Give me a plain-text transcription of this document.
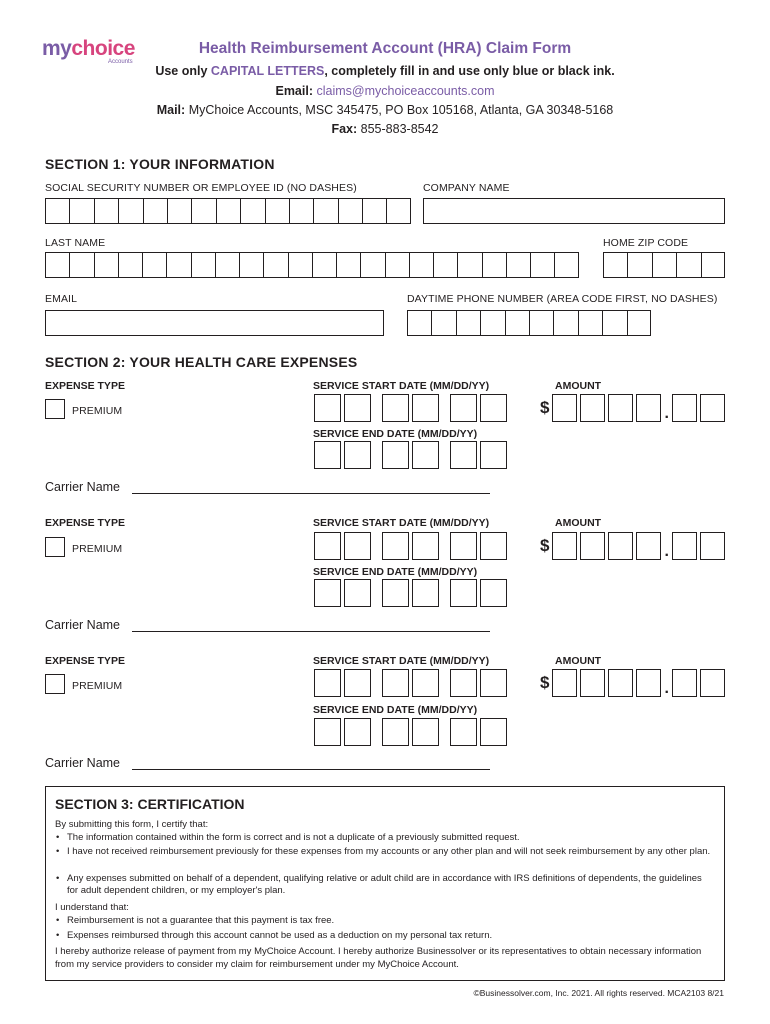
mychoice
Accounts
Health Reimbursement Account (HRA) Claim Form
Use only CAPITAL LETTERS, completely fill in and use only blue or black ink.
Email: claims@mychoiceaccounts.com
Mail: MyChoice Accounts, MSC 345475, PO Box 105168, Atlanta, GA 30348-5168
Fax: 855-883-8542
SECTION 1: YOUR INFORMATION
SOCIAL SECURITY NUMBER OR EMPLOYEE ID (NO DASHES)	COMPANY NAME
LAST NAME	HOME ZIP CODE
EMAIL	DAYTIME PHONE NUMBER (AREA CODE FIRST, NO DASHES)
SECTION 2: YOUR HEALTH CARE EXPENSES
EXPENSE TYPE	SERVICE START DATE (MM/DD/YY)	AMOUNT
PREMIUM	$	.
SERVICE END DATE (MM/DD/YY)
Carrier Name
EXPENSE TYPE	SERVICE START DATE (MM/DD/YY)	AMOUNT
PREMIUM	$	.
SERVICE END DATE (MM/DD/YY)
Carrier Name
EXPENSE TYPE	SERVICE START DATE (MM/DD/YY)	AMOUNT
PREMIUM	$	.
SERVICE END DATE (MM/DD/YY)
Carrier Name
SECTION 3: CERTIFICATION
By submitting this form, I certify that:
• The information contained within the form is correct and is not a duplicate of a previously submitted request.
• I have not received reimbursement previously for these expenses from my accounts or any other plan and will not seek reimbursement by any other plan.
• Any expenses submitted on behalf of a dependent, qualifying relative or adult child are in accordance with IRS definitions of dependents, the guidelines for adult dependent children, or my employer's plan.
I understand that:
• Reimbursement is not a guarantee that this payment is tax free.
• Expenses reimbursed through this account cannot be used as a deduction on my personal tax return.
I hereby authorize release of payment from my MyChoice Account. I hereby authorize Businessolver or its representatives to obtain necessary information from my service providers to consider my claim for reimbursement under my MyChoice Account.
©Businessolver.com, Inc. 2021. All rights reserved. MCA2103 8/21
